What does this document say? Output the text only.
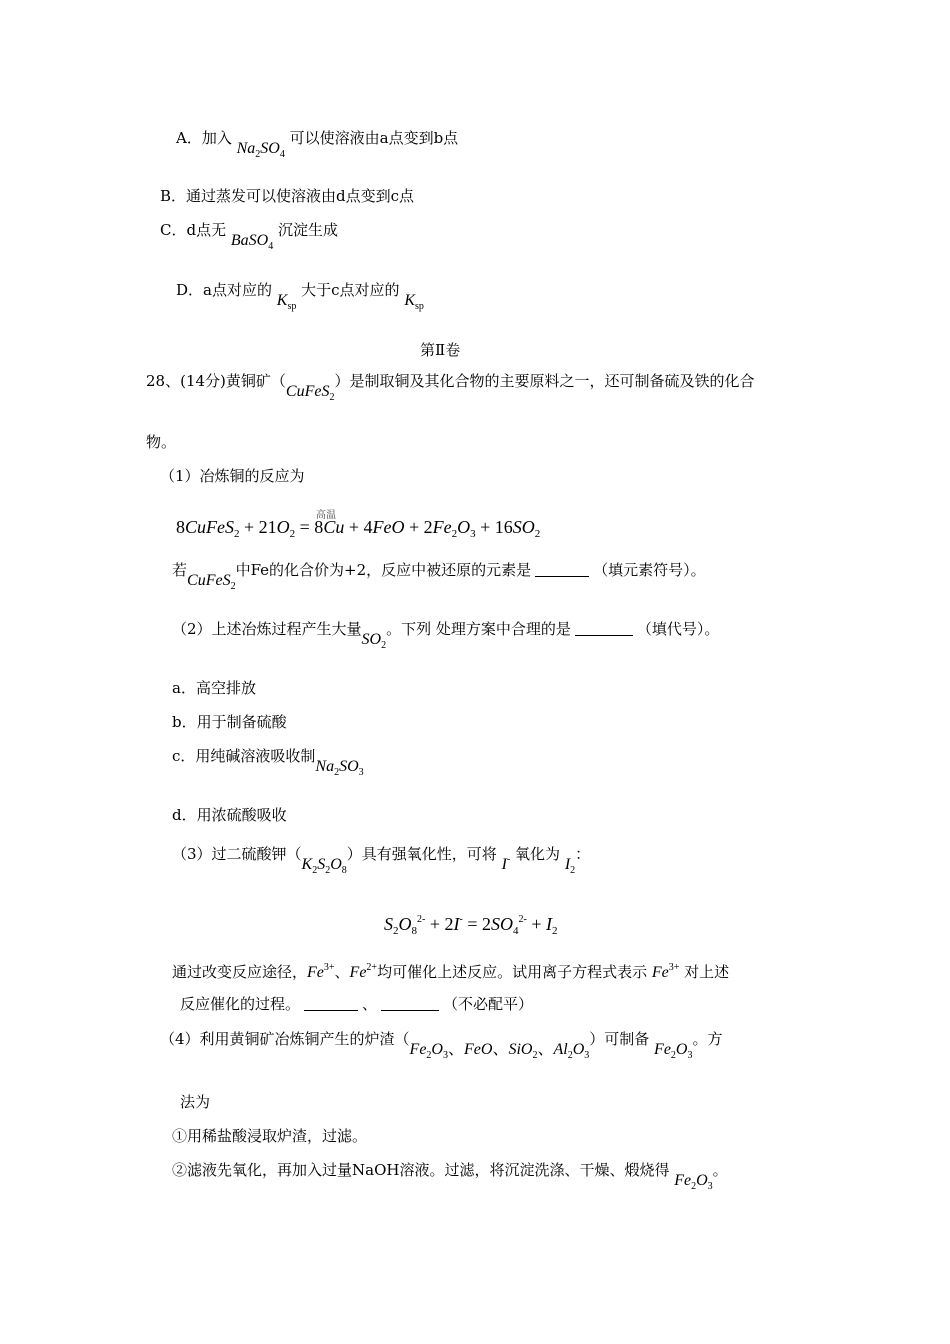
A．加入 $Na_2SO_4$ 可以使溶液由a点变到b点
B．通过蒸发可以使溶液由d点变到c点
C．d点无 BaSO$_4$ 沉淀生成
D．a点对应的 $K_{sp}$ 大于c点对应的 $K_{sp}$
第Ⅱ卷
28、(14分)黄铜矿（CuFeS$_2$）是制取铜及其化合物的主要原料之一，还可制备硫及铁的化合
物。
（1）冶炼铜的反应为
高温
8CuFeS$_2$ + $21O_2 = 8Cu + 4FeO + 2Fe_2O_3 + 16SO_2$
若CuFeS$_2$中Fe的化合价为+2，反应中被还原的元素是	（填元素符号）。
（2）上述冶炼过程产生大量$SO_2$。下列 处理方案中合理的是	（填代号）。
a．高空排放
b．用于制备硫酸
c．用纯碱溶液吸收制$Na_2SO_3$
d．用浓硫酸吸收
（3）过二硫酸钾$(K_2S_2O_8)$具有强氧化性，可将 I- 氧化为 $I_2$：
$S_2O_8^{2-} + 2I^- = 2SO_4^{2-} + I_2$
通过改变反应途径，$Fe^{3+}$、$Fe^{2+}$均可催化上述反应。试用离子方程式表示 $Fe^{3+}$ 对上述
反应催化的过程。	、	（不必配平）
（4）利用黄铜矿冶炼铜产生的炉渣（$Fe_2O_3$、FeO、SiO$_2$、$Al_2O_3$）可制备 $Fe_2O_3$。方
法为
①用稀盐酸浸取炉渣，过滤。
②滤液先氧化，再加入过量NaOH溶液。过滤，将沉淀洗涤、干燥、煅烧得 $Fe_2O_3$。
